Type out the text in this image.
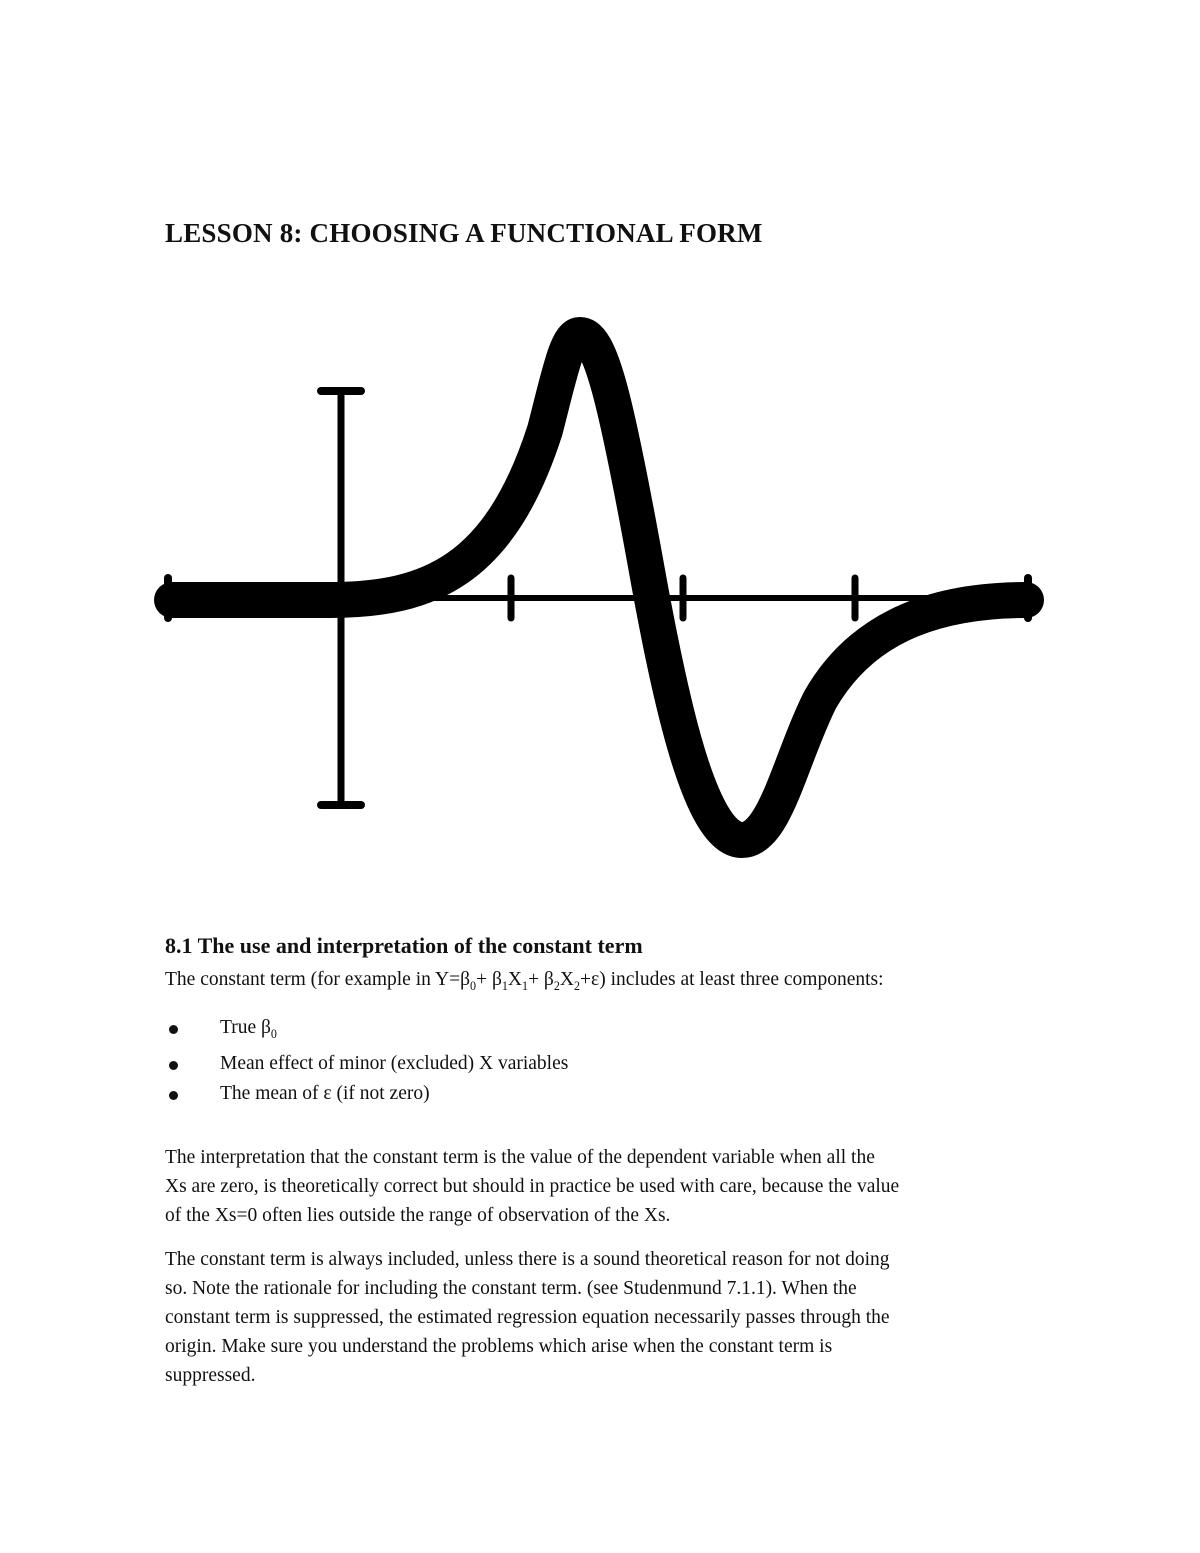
LESSON 8: CHOOSING A FUNCTIONAL FORM
8.1 The use and interpretation of the constant term

The constant term (for example in $Y=\beta_0+ \beta_1X_1+ \beta_2X_2+\varepsilon$) includes at least three components:

True $\beta_0$
Mean effect of minor (excluded) X variables
The mean of ε (if not zero)

The interpretation that the constant term is the value of the dependent variable when all the
Xs are zero, is theoretically correct but should in practice be used with care, because the value
of the Xs=0 often lies outside the range of observation of the Xs.

The constant term is always included, unless there is a sound theoretical reason for not doing
so. Note the rationale for including the constant term. (see Studenmund 7.1.1). When the
constant term is suppressed, the estimated regression equation necessarily passes through the
origin. Make sure you understand the problems which arise when the constant term is
suppressed.
